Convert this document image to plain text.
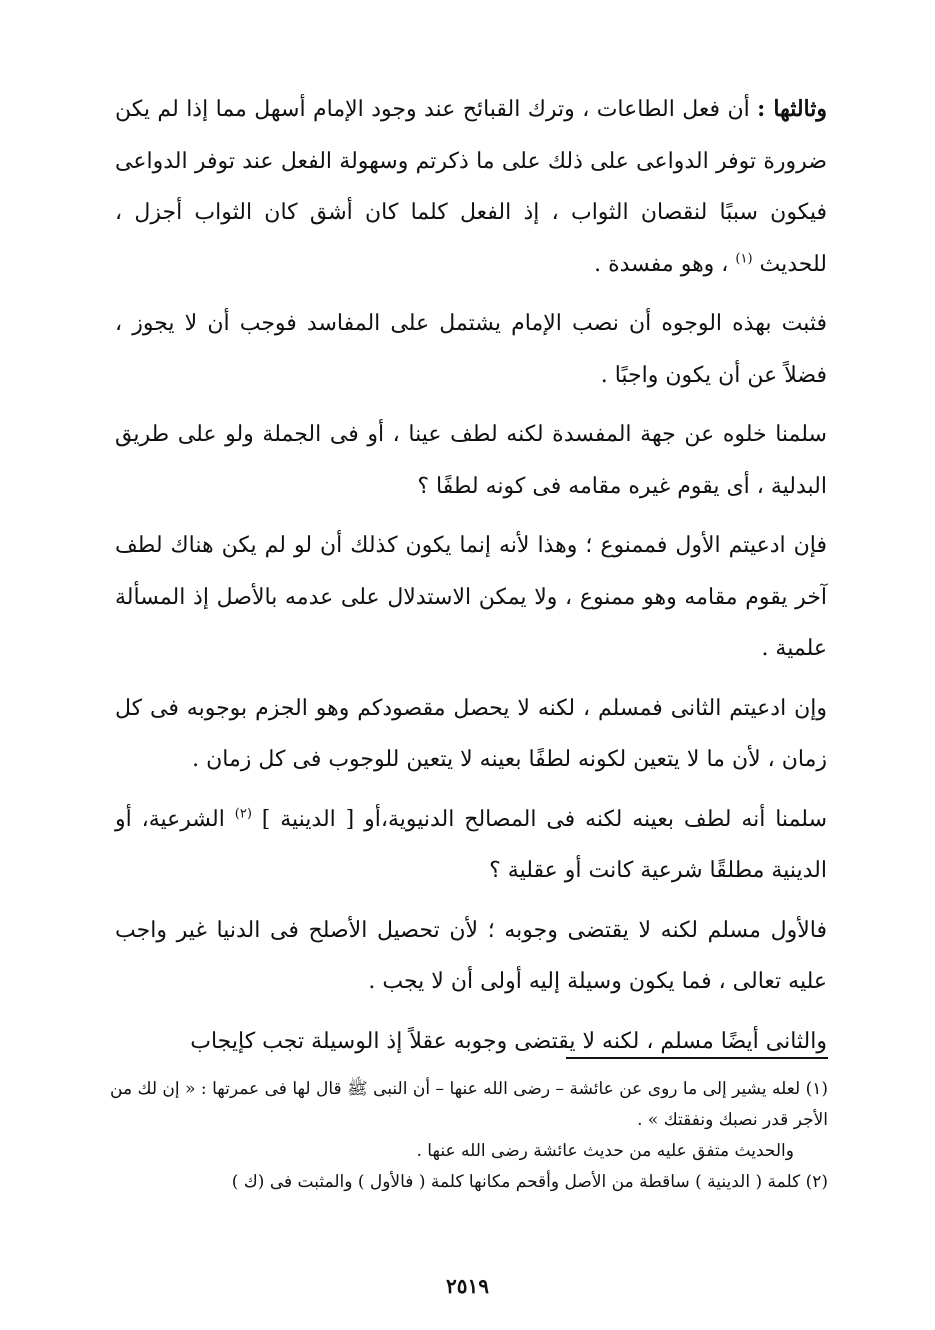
وثالثها : أن فعل الطاعات ، وترك القبائح عند وجود الإمام أسهل مما إذا لم يكن ضرورة توفر الدواعى على ذلك على ما ذكرتم وسهولة الفعل عند توفر الدواعى فيكون سببًا لنقصان الثواب ، إذ الفعل كلما كان أشق كان الثواب أجزل ، للحديث $^{(١)}$ ، وهو مفسدة .

فثبت بهذه الوجوه أن نصب الإمام يشتمل على المفاسد فوجب أن لا يجوز ، فضلاً عن أن يكون واجبًا .

سلمنا خلوه عن جهة المفسدة لكنه لطف عينا ، أو فى الجملة ولو على طريق البدلية ، أى يقوم غيره مقامه فى كونه لطفًا ؟

فإن ادعيتم الأول فممنوع ؛ وهذا لأنه إنما يكون كذلك أن لو لم يكن هناك لطف آخر يقوم مقامه وهو ممنوع ، ولا يمكن الاستدلال على عدمه بالأصل إذ المسألة علمية .

وإن ادعيتم الثانى فمسلم ، لكنه لا يحصل مقصودكم وهو الجزم بوجوبه فى كل زمان ، لأن ما لا يتعين لكونه لطفًا بعينه لا يتعين للوجوب فى كل زمان .

سلمنا أنه لطف بعينه لكنه فى المصالح الدنيوية،أو [ الدينية ] $^{(٢)}$ الشرعية، أو الدينية مطلقًا شرعية كانت أو عقلية ؟

فالأول مسلم لكنه لا يقتضى وجوبه ؛ لأن تحصيل الأصلح فى الدنيا غير واجب عليه تعالى ، فما يكون وسيلة إليه أولى أن لا يجب .

والثانى أيضًا مسلم ، لكنه لا يقتضى وجوبه عقلاً إذ الوسيلة تجب كإيجاب

(١) لعله يشير إلى ما روى عن عائشة – رضى الله عنها – أن النبى ﷺ قال لها فى عمرتها : « إن لك من الأجر قدر نصبك ونفقتك » .

والحديث متفق عليه من حديث عائشة رضى الله عنها .

(٢) كلمة ( الدينية ) ساقطة من الأصل وأقحم مكانها كلمة ( فالأول ) والمثبت فى (ك )

٢٥١٩
